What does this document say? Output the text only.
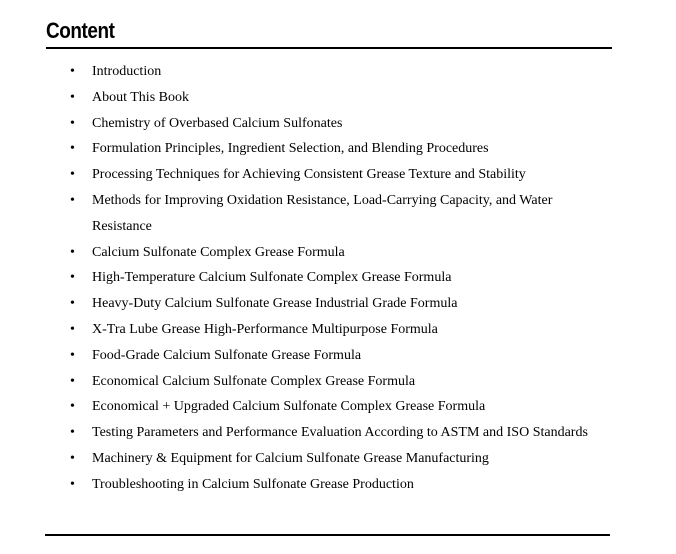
Content
•	Introduction
•	About This Book
•	Chemistry of Overbased Calcium Sulfonates
•	Formulation Principles, Ingredient Selection, and Blending Procedures
•	Processing Techniques for Achieving Consistent Grease Texture and Stability
•	Methods for Improving Oxidation Resistance, Load-Carrying Capacity, and Water
Resistance
•	Calcium Sulfonate Complex Grease Formula
•	High-Temperature Calcium Sulfonate Complex Grease Formula
•	Heavy-Duty Calcium Sulfonate Grease Industrial Grade Formula
•	X-Tra Lube Grease High-Performance Multipurpose Formula
•	Food-Grade Calcium Sulfonate Grease Formula
•	Economical Calcium Sulfonate Complex Grease Formula
•	Economical + Upgraded Calcium Sulfonate Complex Grease Formula
•	Testing Parameters and Performance Evaluation According to ASTM and ISO Standards
•	Machinery & Equipment for Calcium Sulfonate Grease Manufacturing
•	Troubleshooting in Calcium Sulfonate Grease Production
